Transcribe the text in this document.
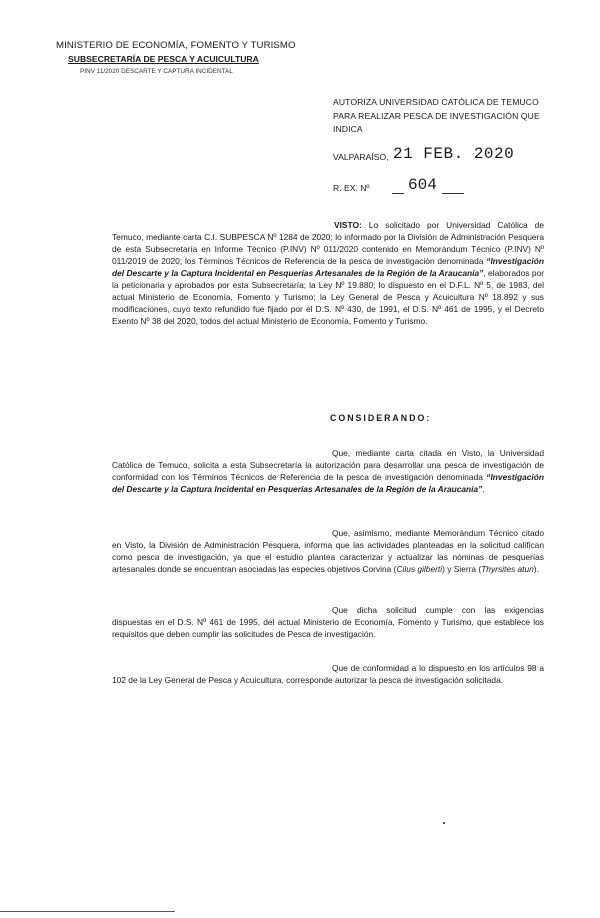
MINISTERIO DE ECONOMÍA, FOMENTO Y TURISMO
SUBSECRETARÍA DE PESCA Y ACUICULTURA
PINV 11/2020 DESCARTE Y CAPTURA INCIDENTAL
AUTORIZA UNIVERSIDAD CATÓLICA DE TEMUCO PARA REALIZAR PESCA DE INVESTIGACIÓN QUE INDICA
VALPARAÍSO, 21 FEB. 2020
R. EX. Nº 604

VISTO: Lo solicitado por Universidad Católica de Temuco, mediante carta C.I. SUBPESCA Nº 1284 de 2020; lo informado por la División de Administración Pesquera de esta Subsecretaría en Informe Técnico (P.INV) Nº 011/2020 contenido en Memorándum Técnico (P.INV) Nº 011/2019 de 2020; los Términos Técnicos de Referencia de la pesca de investigación denominada “Investigación del Descarte y la Captura Incidental en Pesquerías Artesanales de la Región de la Araucanía”, elaborados por la peticionaria y aprobados por esta Subsecretaría; la Ley Nº 19.880; lo dispuesto en el D.F.L. Nº 5, de 1983, del actual Ministerio de Economía, Fomento y Turismo; la Ley General de Pesca y Acuicultura Nº 18.892 y sus modificaciones, cuyo texto refundido fue fijado por el D.S. Nº 430, de 1991, el D.S. Nº 461 de 1995, y el Decreto Exento Nº 38 del 2020, todos del actual Ministerio de Economía, Fomento y Turismo.

CONSIDERANDO:

Que, mediante carta citada en Visto, la Universidad Católica de Temuco, solicita a esta Subsecretaría la autorización para desarrollar una pesca de investigación de conformidad con los Términos Técnicos de Referencia de la pesca de investigación denominada “Investigación del Descarte y la Captura Incidental en Pesquerías Artesanales de la Región de la Araucanía”.

Que, asimismo, mediante Memorándum Técnico citado en Visto, la División de Administración Pesquera, informa que las actividades planteadas en la solicitud califican como pesca de investigación, ya que el estudio plantea caracterizar y actualizar las nóminas de pesquerías artesanales donde se encuentran asociadas las especies objetivos Corvina (Cilus gilberti) y Sierra (Thyrsites atun).

Que dicha solicitud cumple con las exigencias dispuestas en el D.S. Nº 461 de 1995, del actual Ministerio de Economía, Fomento y Turismo, que establece los requisitos que deben cumplir las solicitudes de Pesca de investigación.

Que de conformidad a lo dispuesto en los artículos 98 a 102 de la Ley General de Pesca y Acuicultura, corresponde autorizar la pesca de investigación solicitada.
